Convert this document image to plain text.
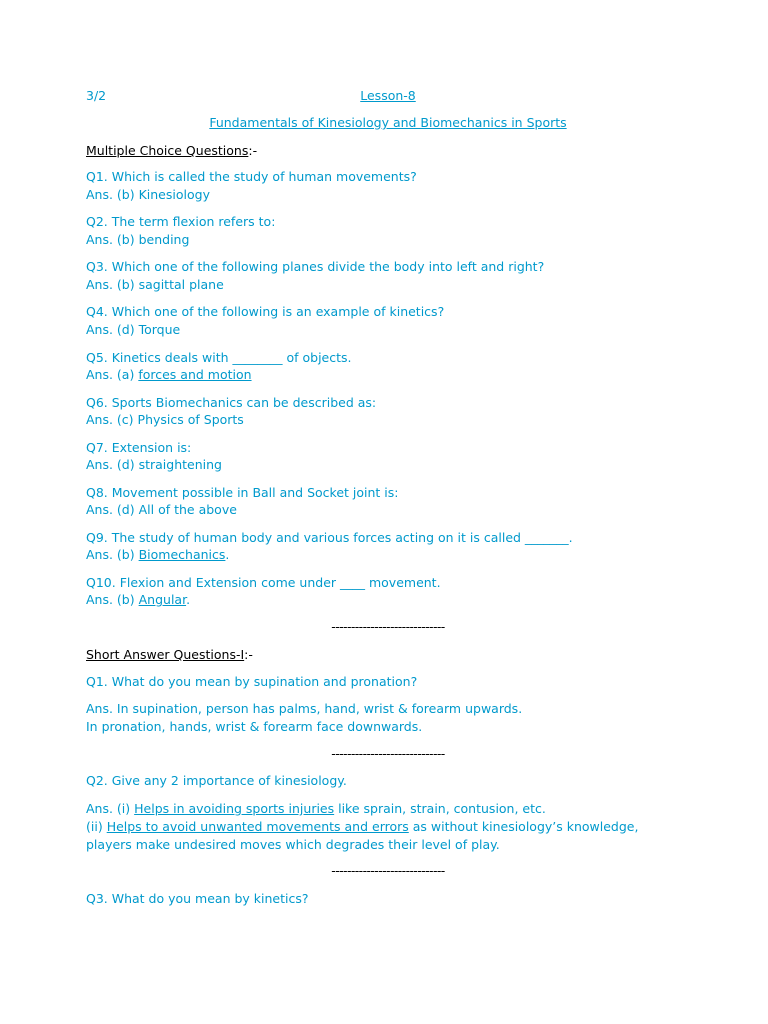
3/2	Lesson-8
Fundamentals of Kinesiology and Biomechanics in Sports
Multiple Choice Questions:-
Q1. Which is called the study of human movements?
Ans. (b) Kinesiology
Q2. The term flexion refers to:
Ans. (b) bending
Q3. Which one of the following planes divide the body into left and right?
Ans. (b) sagittal plane
Q4. Which one of the following is an example of kinetics?
Ans. (d) Torque
Q5. Kinetics deals with ________ of objects.
Ans. (a) forces and motion
Q6. Sports Biomechanics can be described as:
Ans. (c) Physics of Sports
Q7. Extension is:
Ans. (d) straightening
Q8. Movement possible in Ball and Socket joint is:
Ans. (d) All of the above
Q9. The study of human body and various forces acting on it is called _______.
Ans. (b) Biomechanics.
Q10. Flexion and Extension come under ____ movement.
Ans. (b) Angular.
-----------------------------
Short Answer Questions-I:-
Q1. What do you mean by supination and pronation?
Ans. In supination, person has palms, hand, wrist & forearm upwards.
In pronation, hands, wrist & forearm face downwards.
-----------------------------
Q2. Give any 2 importance of kinesiology.
Ans. (i) Helps in avoiding sports injuries like sprain, strain, contusion, etc.
(ii) Helps to avoid unwanted movements and errors as without kinesiology’s knowledge, players make undesired moves which degrades their level of play.
-----------------------------
Q3. What do you mean by kinetics?
